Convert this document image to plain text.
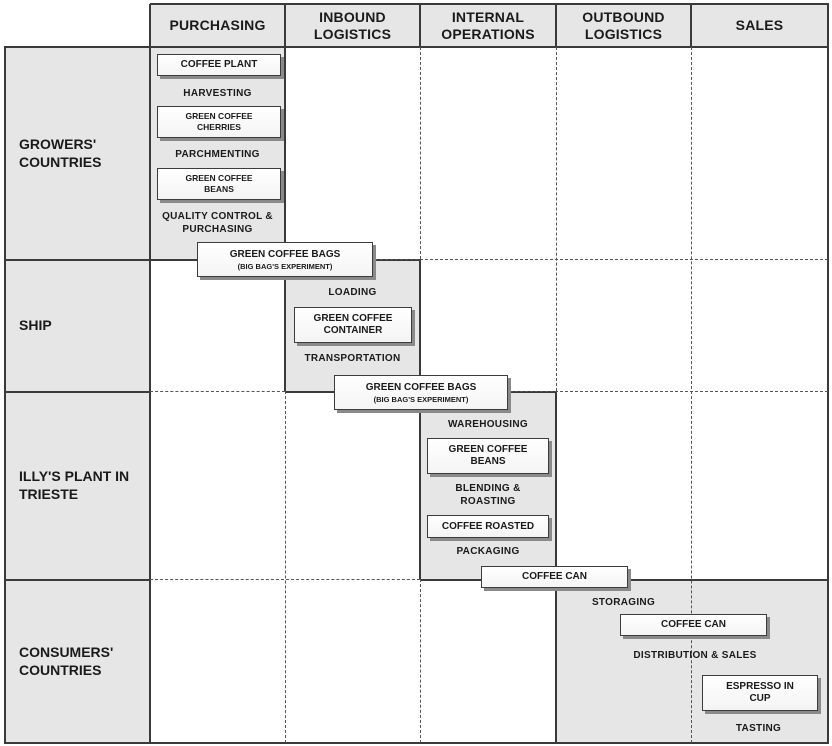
PURCHASING
INBOUND
LOGISTICS
INTERNAL
OPERATIONS
OUTBOUND
LOGISTICS
SALES
GROWERS'
COUNTRIES
SHIP
ILLY'S PLANT IN
TRIESTE
CONSUMERS'
COUNTRIES
COFFEE PLANT
HARVESTING
GREEN COFFEE
CHERRIES
PARCHMENTING
GREEN COFFEE
BEANS
QUALITY CONTROL &
PURCHASING
GREEN COFFEE BAGS
(BIG BAG'S EXPERIMENT)
LOADING
GREEN COFFEE
CONTAINER
TRANSPORTATION
GREEN COFFEE BAGS
(BIG BAG'S EXPERIMENT)
WAREHOUSING
GREEN COFFEE
BEANS
BLENDING &
ROASTING
COFFEE ROASTED
PACKAGING
COFFEE CAN
STORAGING
COFFEE CAN
DISTRIBUTION & SALES
ESPRESSO IN
CUP
TASTING
